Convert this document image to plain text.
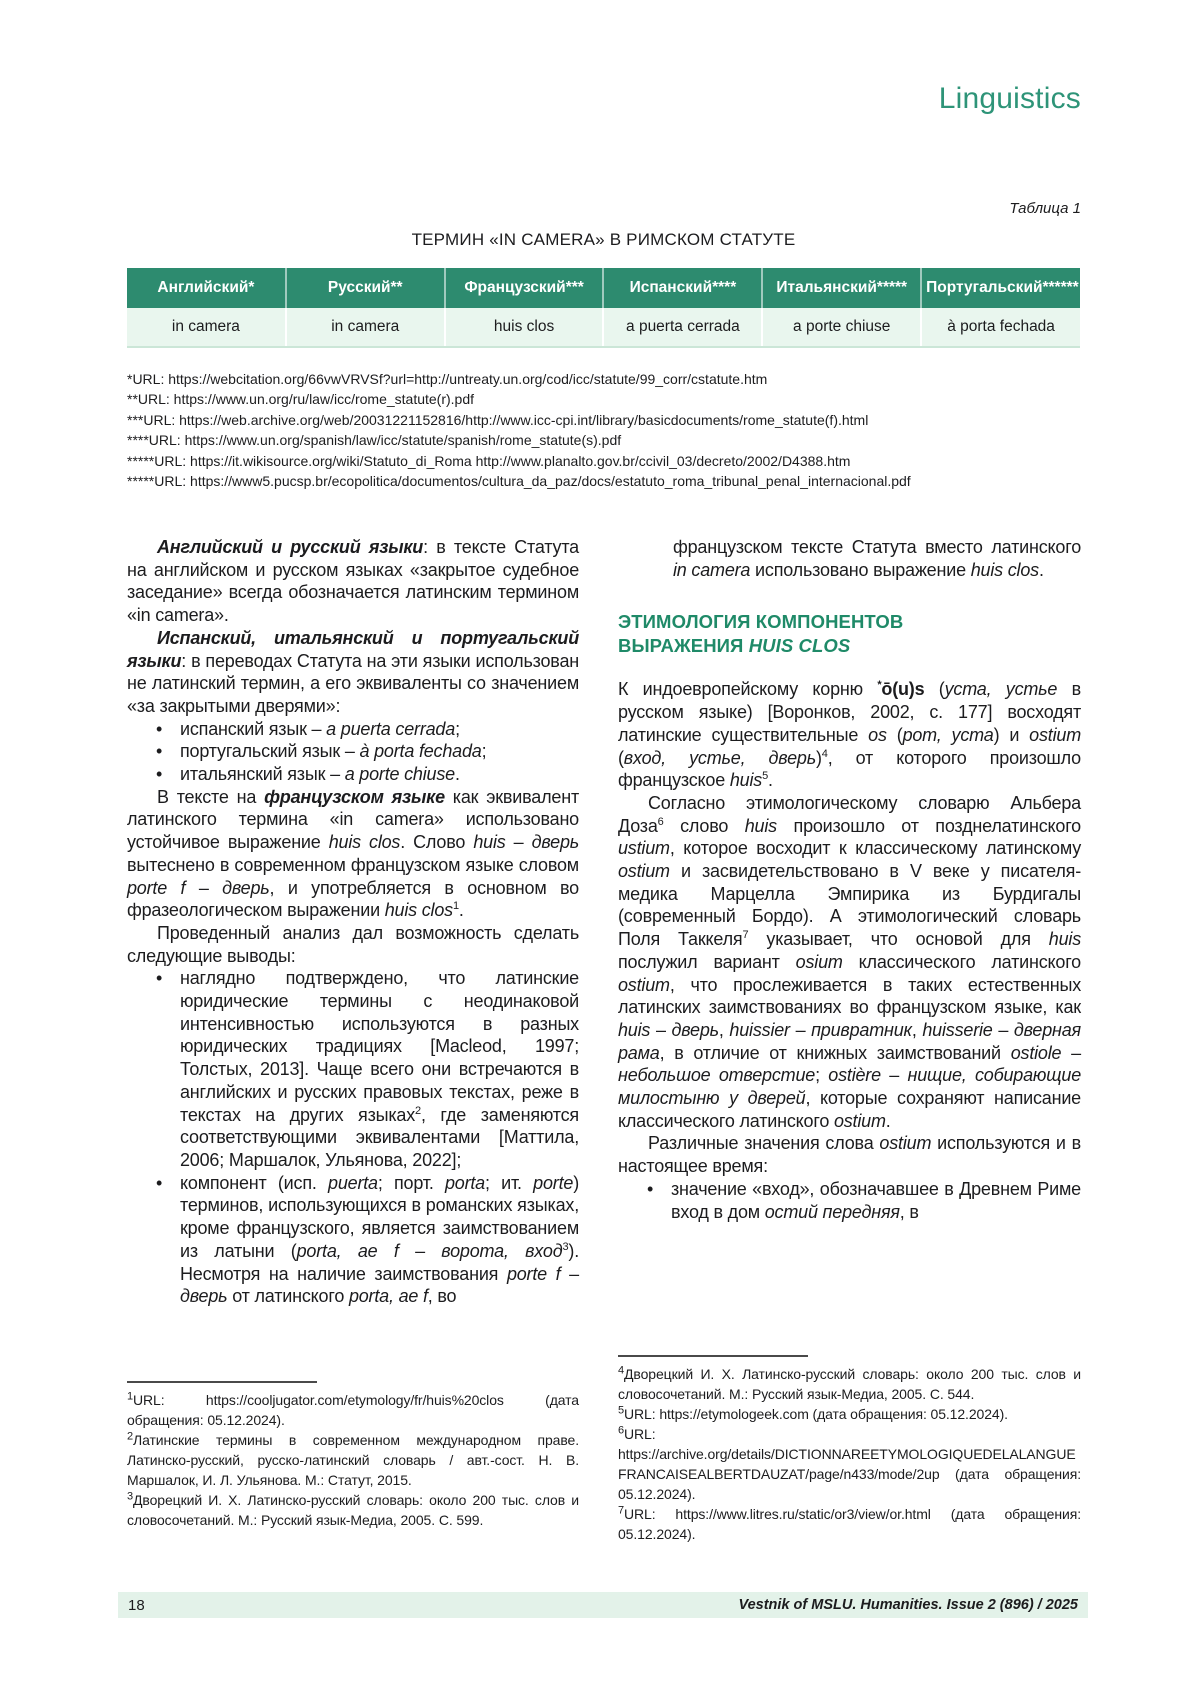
Linguistics
Таблица 1
ТЕРМИН «IN CAMERA» В РИМСКОМ СТАТУТЕ
Английский*	Русский**	Французский***	Испанский****	Итальянский*****	Португальский******
in camera	in camera	huis clos	a puerta cerrada	a porte chiuse	à porta fechada
*URL: https://webcitation.org/66vwVRVSf?url=http://untreaty.un.org/cod/icc/statute/99_corr/cstatute.htm
**URL: https://www.un.org/ru/law/icc/rome_statute(r).pdf
***URL: https://web.archive.org/web/20031221152816/http://www.icc-cpi.int/library/basicdocuments/rome_statute(f).html
****URL: https://www.un.org/spanish/law/icc/statute/spanish/rome_statute(s).pdf
*****URL: https://it.wikisource.org/wiki/Statuto_di_Roma http://www.planalto.gov.br/ccivil_03/decreto/2002/D4388.htm
*****URL: https://www5.pucsp.br/ecopolitica/documentos/cultura_da_paz/docs/estatuto_roma_tribunal_penal_internacional.pdf

Английский и русский языки: в тексте Статута на английском и русском языках «закрытое судебное заседание» всегда обозначается латинским термином «in camera».

Испанский, итальянский и португальский языки: в переводах Статута на эти языки использован не латинский термин, а его эквиваленты со значением «за закрытыми дверями»:

• испанский язык – a puerta cerrada;
• португальский язык – à porta fechada;
• итальянский язык – a porte chiuse.

В тексте на французском языке как эквивалент латинского термина «in camera» использовано устойчивое выражение huis clos. Слово huis – дверь вытеснено в современном французском языке словом porte f – дверь, и употребляется в основном во фразеологическом выражении huis clos$^1$.

Проведенный анализ дал возможность сделать следующие выводы:

• наглядно подтверждено, что латинские юридические термины с неодинаковой интенсивностью используются в разных юридических традициях [Macleod, 1997; Толстых, 2013]. Чаще всего они встречаются в английских и русских правовых текстах, реже в текстах на других языках$^2$, где заменяются соответствующими эквивалентами [Маттила, 2006; Маршалок, Ульянова, 2022];
• компонент (исп. puerta; порт. porta; ит. porte) терминов, использующихся в романских языках, кроме французского, является заимствованием из латыни (porta, ae f – ворота, вход$^3$). Несмотря на наличие заимствования porte f – дверь от латинского porta, ae f, во

французском тексте Статута вместо латинского in camera использовано выражение huis clos.

ЭТИМОЛОГИЯ КОМПОНЕНТОВ
ВЫРАЖЕНИЯ HUIS CLOS

К индоевропейскому корню *ō(u)s (уста, устье в русском языке) [Воронков, 2002, с. 177] восходят латинские существительные os (рот, уста) и ostium (вход, устье, дверь)$^4$, от которого произошло французское huis$^5$.

Согласно этимологическому словарю Альбера Доза$^6$ слово huis произошло от позднелатинского ustium, которое восходит к классическому латинскому ostium и засвидетельствовано в V веке у писателя-медика Марцелла Эмпирика из Бурдигалы (современный Бордо). А этимологический словарь Поля Таккеля$^7$ указывает, что основой для huis послужил вариант osium классического латинского ostium, что прослеживается в таких естественных латинских заимствованиях во французском языке, как huis – дверь, huissier – привратник, huisserie – дверная рама, в отличие от книжных заимствований ostiole – небольшое отверстие; ostière – нищие, собирающие милостыню у дверей, которые сохраняют написание классического латинского ostium.

Различные значения слова ostium используются и в настоящее время:

• значение «вход», обозначавшее в Древнем Риме вход в дом остий передняя, в

$^1$URL: https://cooljugator.com/etymology/fr/huis%20clos (дата обращения: 05.12.2024).

$^2$Латинские термины в современном международном праве. Латинско-русский, русско-латинский словарь / авт.-сост. Н. В. Маршалок, И. Л. Ульянова. М.: Статут, 2015.

$^3$Дворецкий И. Х. Латинско-русский словарь: около 200 тыс. слов и словосочетаний. М.: Русский язык-Медиа, 2005. С. 599.

$^4$Дворецкий И. Х. Латинско-русский словарь: около 200 тыс. слов и словосочетаний. М.: Русский язык-Медиа, 2005. С. 544.

$^5$URL: https://etymologeek.com (дата обращения: 05.12.2024).

$^6$URL: https://archive.org/details/DICTIONNAREETYMOLOGIQUEDELALANGUEFRANCAISEALBERTDAUZAT/page/n433/mode/2up (дата обращения: 05.12.2024).

$^7$URL: https://www.litres.ru/static/or3/view/or.html (дата обращения: 05.12.2024).

18	Vestnik of MSLU. Humanities. Issue 2 (896) / 2025
